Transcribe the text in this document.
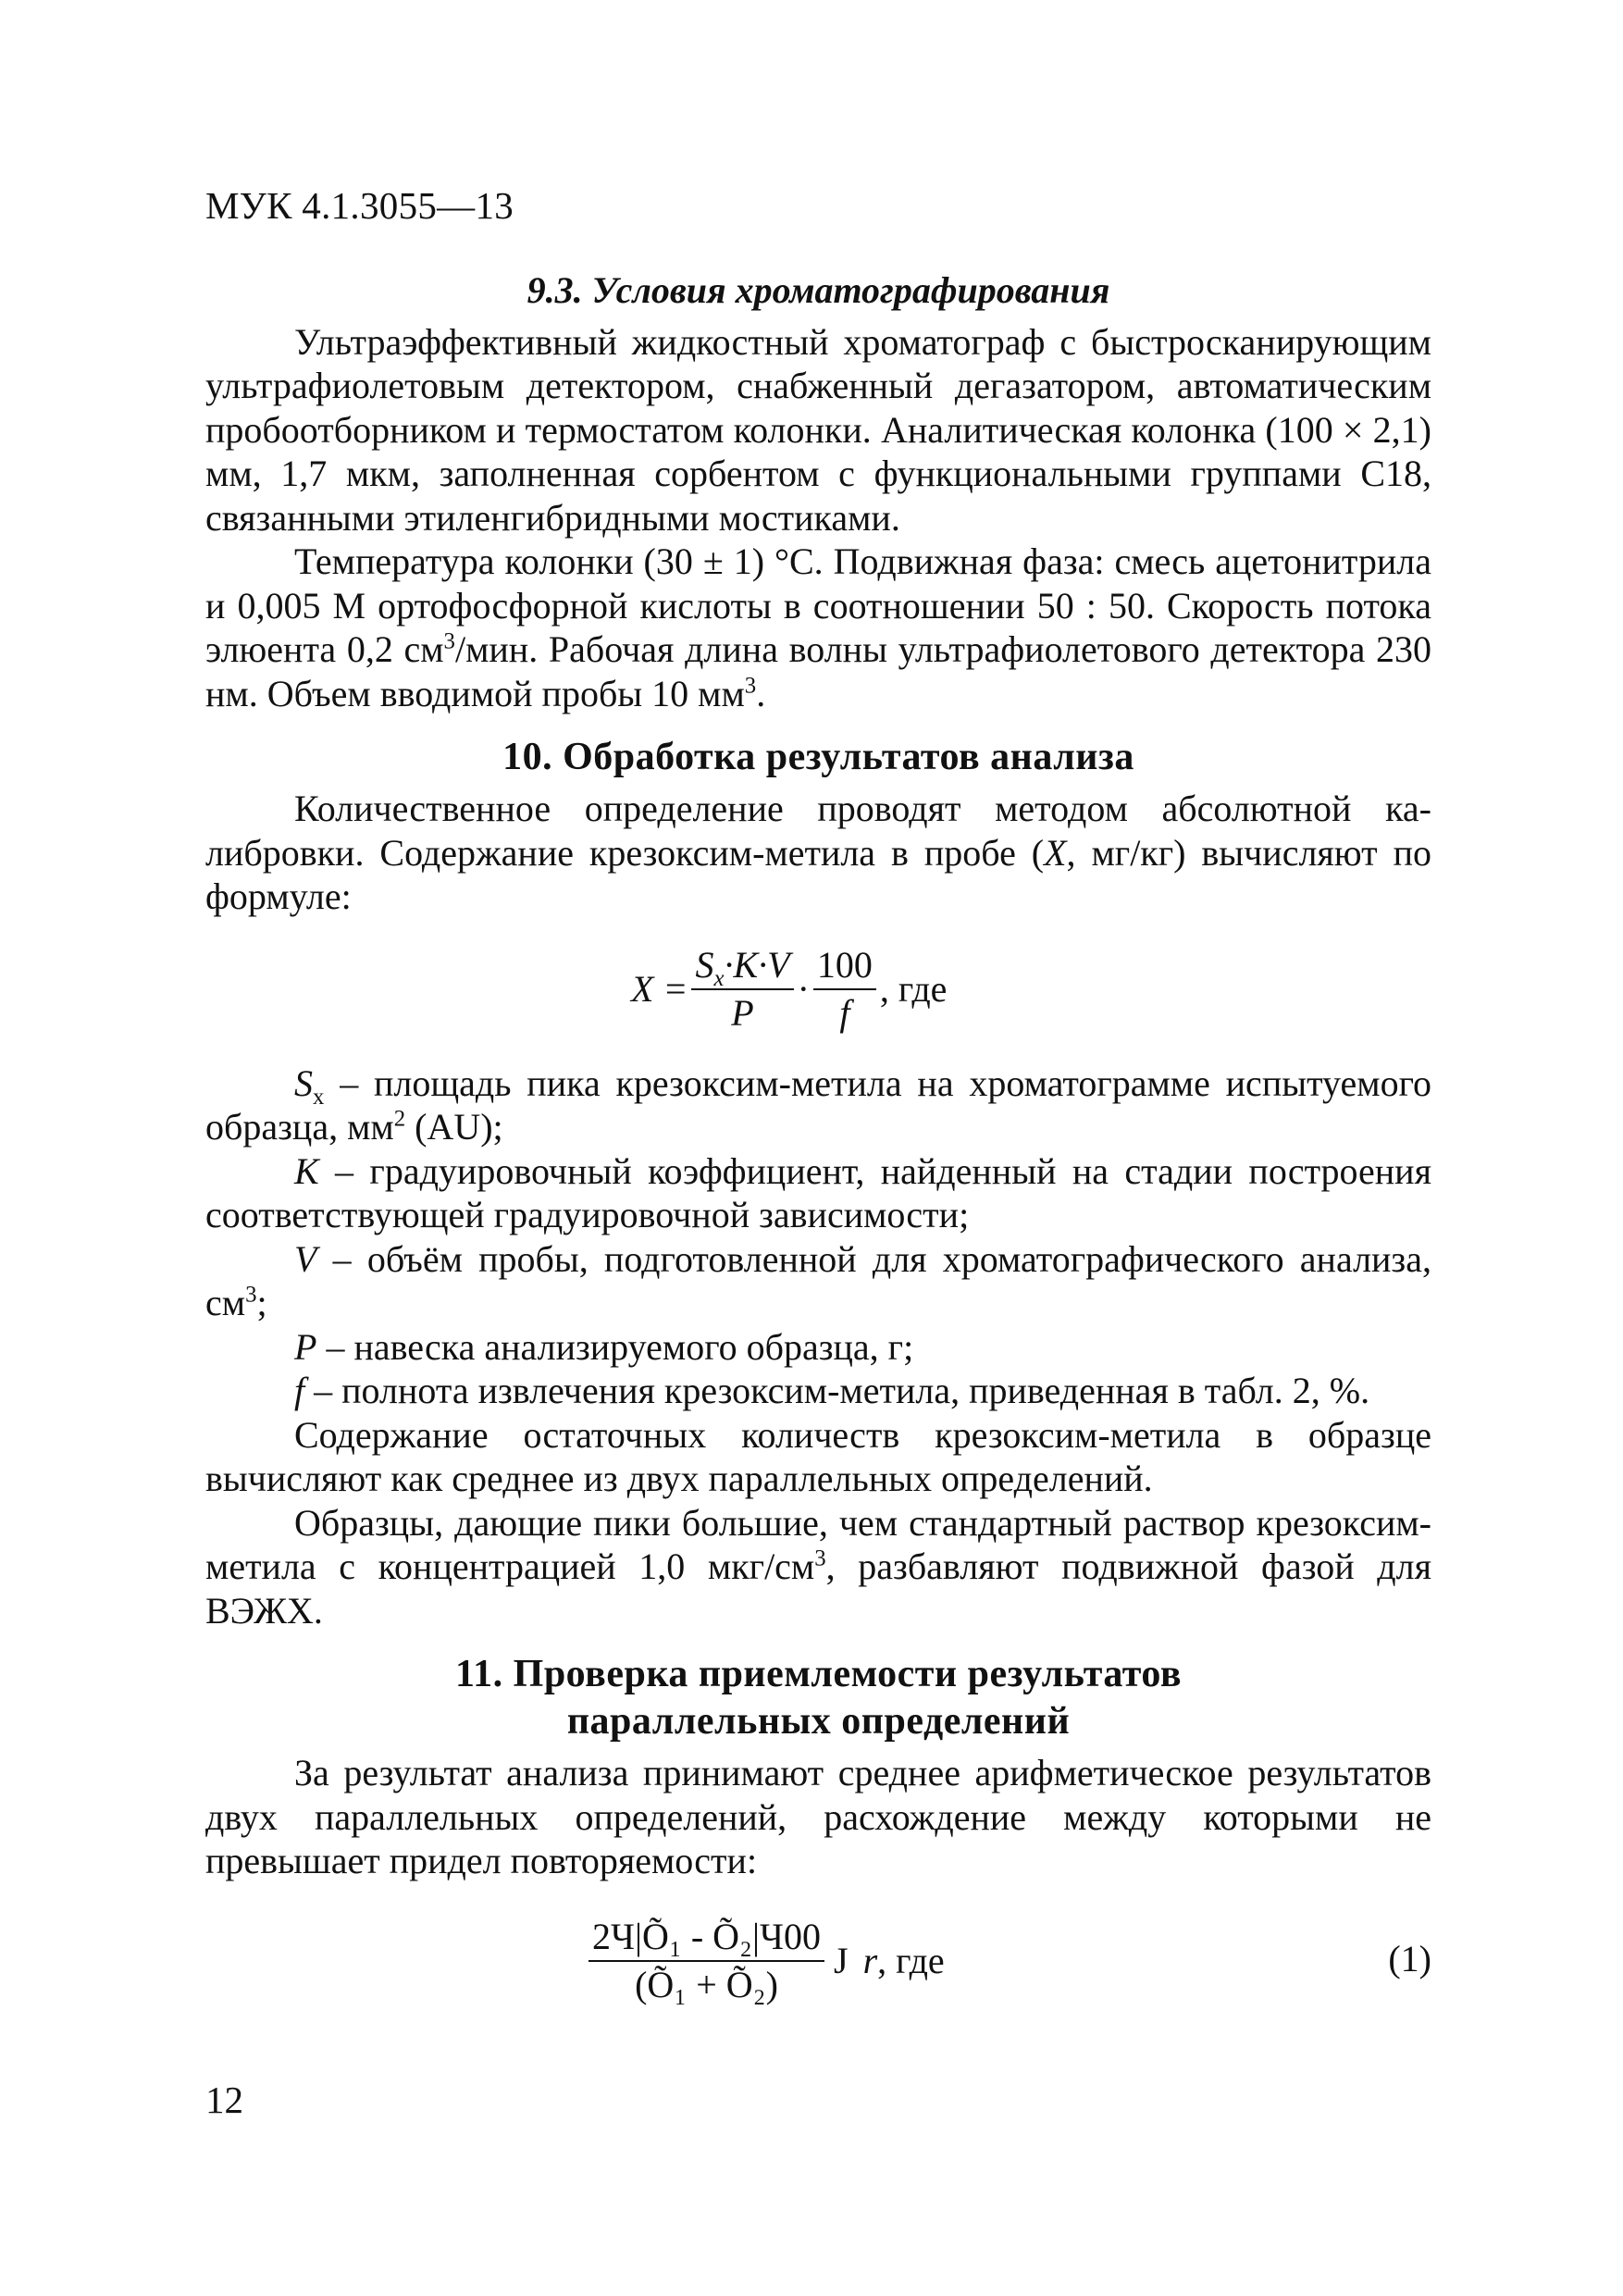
МУК 4.1.3055—13
9.3. Условия хроматографирования

Ультраэффективный жидкостный хроматограф с быстросканирующим ультрафиолетовым детектором, снабженный дегазатором, автоматическим пробоотборником и термостатом колонки. Аналитическая колонка (100 × 2,1) мм, 1,7 мкм, заполненная сорбентом с функциональными группами С18, связанными этиленгибридными мостиками.

Температура колонки (30 ± 1) °С. Подвижная фаза: смесь ацетонитрила и 0,005 М ортофосфорной кислоты в соотношении 50 : 50. Скорость потока элюента 0,2 $см^3$/мин. Рабочая длина волны ультрафиолетового детектора 230 нм. Объем вводимой пробы 10 $мм^3$.

10. Обработка результатов анализа

Количественное определение проводят методом абсолютной калибровки. Содержание крезоксим-метила в пробе (X, мг/кг) вычисляют по формуле:

$X = \frac{S_x\cdot K\cdot V}{P} \cdot \frac{100}{f}$ , где

$S_x$ – площадь пика крезоксим-метила на хроматограмме испытуемого образца, $мм^2$ (AU);

K – градуировочный коэффициент, найденный на стадии построения соответствующей градуировочной зависимости;

V – объём пробы, подготовленной для хроматографического анализа, $см^3$;

P – навеска анализируемого образца, г;

f – полнота извлечения крезоксим-метила, приведенная в табл. 2, %.

Содержание остаточных количеств крезоксим-метила в образце вычисляют как среднее из двух параллельных определений.

Образцы, дающие пики большие, чем стандартный раствор крезоксим-метила с концентрацией 1,0 мкг/$см^3$, разбавляют подвижной фазой для ВЭЖХ.

11. Проверка приемлемости результатов
параллельных определений

За результат анализа принимают среднее арифметическое результатов двух параллельных определений, расхождение между которыми не превышает придел повторяемости:

$\frac{\text{2Ч|Õ₁ - Õ₂|Ч00}}{\text{(Õ₁ + Õ₂)}}$ J r , где	(1)
12
